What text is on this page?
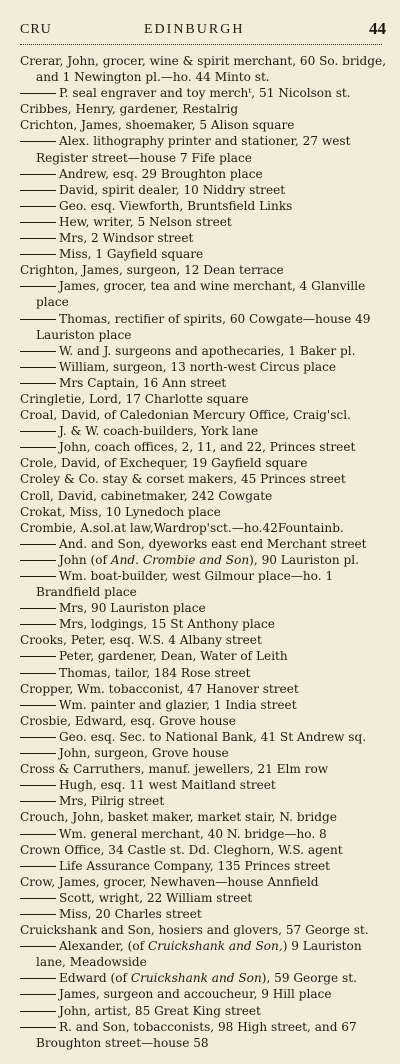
CRU	EDINBURGH	44
Crerar, John, grocer, wine & spirit merchant, 60 So. bridge, and 1 Newington pl.—ho. 44 Minto st.
P. seal engraver and toy merchᵗ, 51 Nicolson st.
Cribbes, Henry, gardener, Restalrig
Crichton, James, shoemaker, 5 Alison square
Alex. lithography printer and stationer, 27 west Register street—house 7 Fife place
Andrew, esq. 29 Broughton place
David, spirit dealer, 10 Niddry street
Geo. esq. Viewforth, Bruntsfield Links
Hew, writer, 5 Nelson street
Mrs, 2 Windsor street
Miss, 1 Gayfield square
Crighton, James, surgeon, 12 Dean terrace
James, grocer, tea and wine merchant, 4 Glanville place
Thomas, rectifier of spirits, 60 Cowgate—house 49 Lauriston place
W. and J. surgeons and apothecaries, 1 Baker pl.
William, surgeon, 13 north-west Circus place
Mrs Captain, 16 Ann street
Cringletie, Lord, 17 Charlotte square
Croal, David, of Caledonian Mercury Office, Craig'scl.
J. & W. coach-builders, York lane
John, coach offices, 2, 11, and 22, Princes street
Crole, David, of Exchequer, 19 Gayfield square
Croley & Co. stay & corset makers, 45 Princes street
Croll, David, cabinetmaker, 242 Cowgate
Crokat, Miss, 10 Lynedoch place
Crombie, A.sol.at law,Wardrop'sct.—ho.42Fountainb.
And. and Son, dyeworks east end Merchant street
John (of And. Crombie and Son), 90 Lauriston pl.
Wm. boat-builder, west Gilmour place—ho. 1 Brandfield place
Mrs, 90 Lauriston place
Mrs, lodgings, 15 St Anthony place
Crooks, Peter, esq. W.S. 4 Albany street
Peter, gardener, Dean, Water of Leith
Thomas, tailor, 184 Rose street
Cropper, Wm. tobacconist, 47 Hanover street
Wm. painter and glazier, 1 India street
Crosbie, Edward, esq. Grove house
Geo. esq. Sec. to National Bank, 41 St Andrew sq.
John, surgeon, Grove house
Cross & Carruthers, manuf. jewellers, 21 Elm row
Hugh, esq. 11 west Maitland street
Mrs, Pilrig street
Crouch, John, basket maker, market stair, N. bridge
Wm. general merchant, 40 N. bridge—ho. 8
Crown Office, 34 Castle st. Dd. Cleghorn, W.S. agent
Life Assurance Company, 135 Princes street
Crow, James, grocer, Newhaven—house Annfield
Scott, wright, 22 William street
Miss, 20 Charles street
Cruickshank and Son, hosiers and glovers, 57 George st.
Alexander, (of Cruickshank and Son,) 9 Lauriston lane, Meadowside
Edward (of Cruickshank and Son), 59 George st.
James, surgeon and accoucheur, 9 Hill place
John, artist, 85 Great King street
R. and Son, tobacconists, 98 High street, and 67 Broughton street—house 58
